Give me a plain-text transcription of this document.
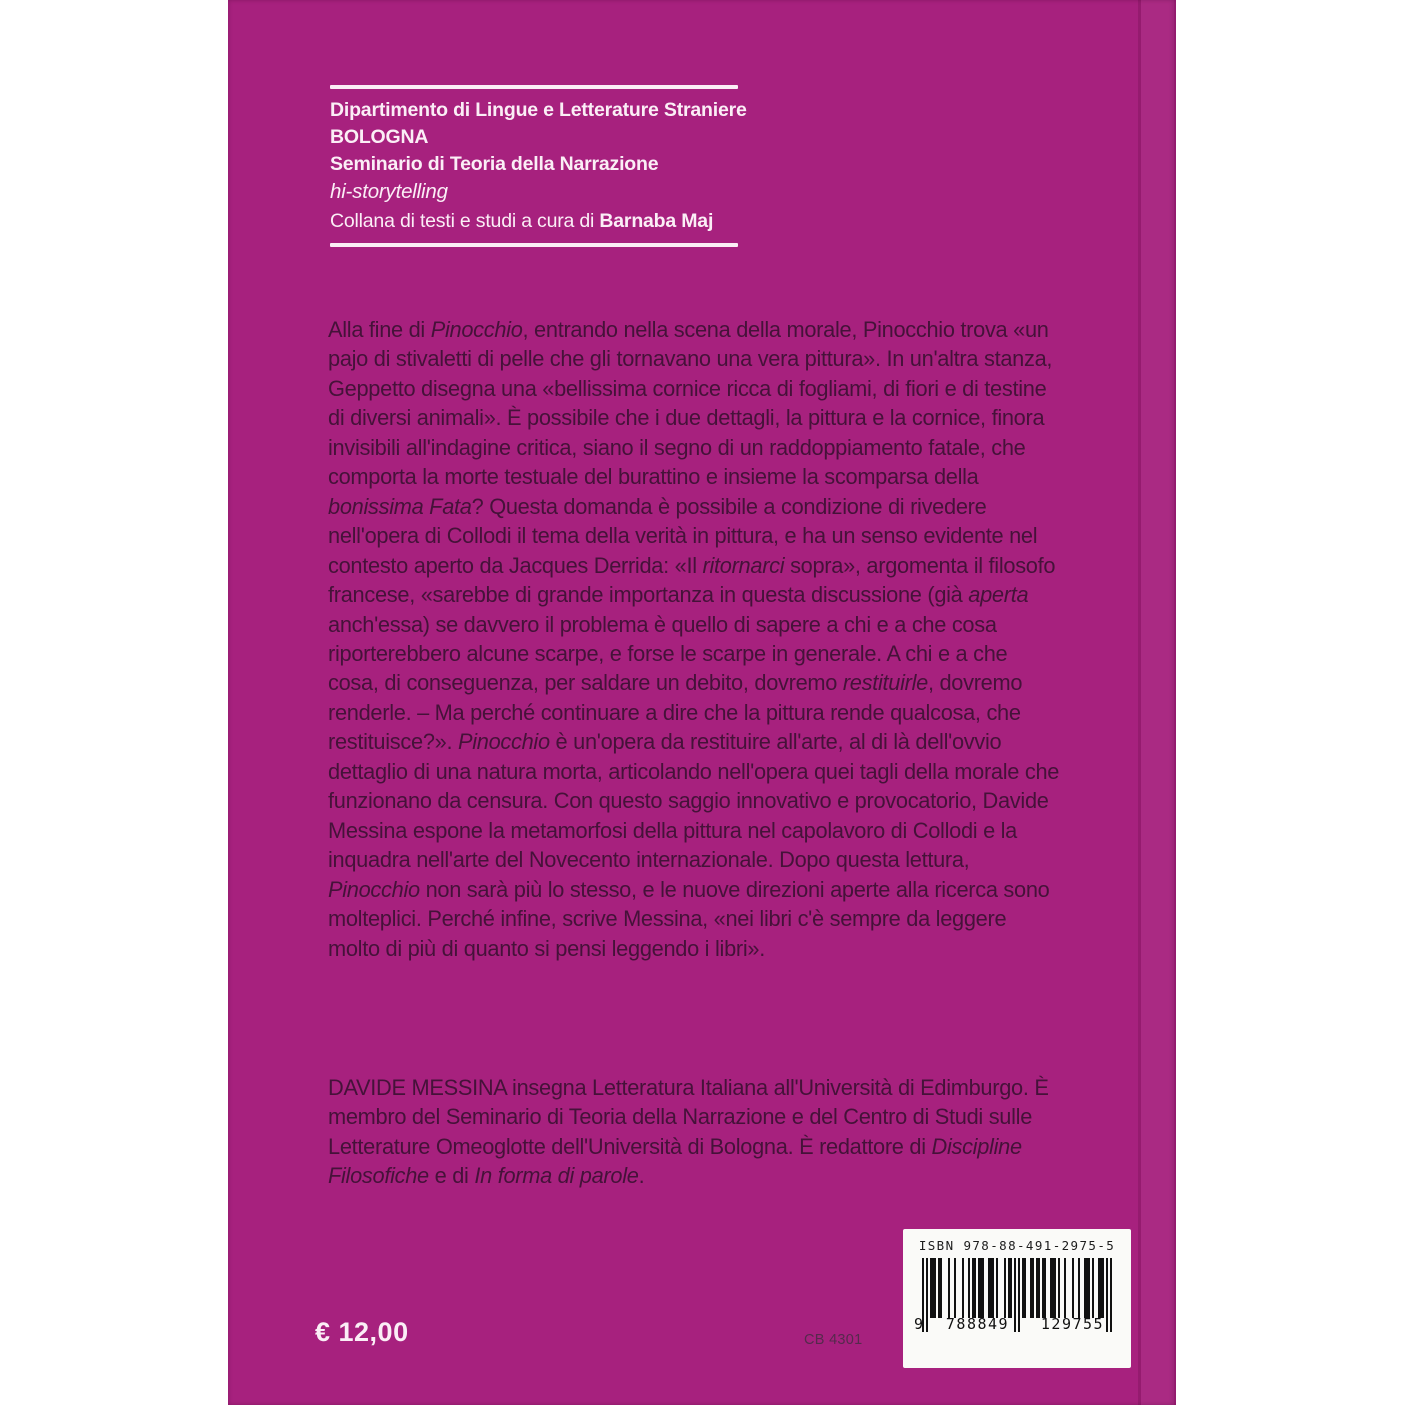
Dipartimento di Lingue e Letterature Straniere
BOLOGNA
Seminario di Teoria della Narrazione
hi-storytelling
Collana di testi e studi a cura di Barnaba Maj
Alla fine di Pinocchio, entrando nella scena della morale, Pinocchio trova «un pajo di stivaletti di pelle che gli tornavano una vera pittura». In un'altra stanza, Geppetto disegna una «bellissima cornice ricca di fogliami, di fiori e di testine di diversi animali». È possibile che i due dettagli, la pittura e la cornice, finora invisibili all'indagine critica, siano il segno di un raddoppiamento fatale, che comporta la morte testuale del burattino e insieme la scomparsa della bonissima Fata? Questa domanda è possibile a condizione di rivedere nell'opera di Collodi il tema della verità in pittura, e ha un senso evidente nel contesto aperto da Jacques Derrida: «Il ritornarci sopra», argomenta il filosofo francese, «sarebbe di grande importanza in questa discussione (già aperta anch'essa) se davvero il problema è quello di sapere a chi e a che cosa riporterebbero alcune scarpe, e forse le scarpe in generale. A chi e a che cosa, di conseguenza, per saldare un debito, dovremo restituirle, dovremo renderle. – Ma perché continuare a dire che la pittura rende qualcosa, che restituisce?». Pinocchio è un'opera da restituire all'arte, al di là dell'ovvio dettaglio di una natura morta, articolando nell'opera quei tagli della morale che funzionano da censura. Con questo saggio innovativo e provocatorio, Davide Messina espone la metamorfosi della pittura nel capolavoro di Collodi e la inquadra nell'arte del Novecento internazionale. Dopo questa lettura, Pinocchio non sarà più lo stesso, e le nuove direzioni aperte alla ricerca sono molteplici. Perché infine, scrive Messina, «nei libri c'è sempre da leggere molto di più di quanto si pensi leggendo i libri».
DAVIDE MESSINA insegna Letteratura Italiana all'Università di Edimburgo. È membro del Seminario di Teoria della Narrazione e del Centro di Studi sulle Letterature Omeoglotte dell'Università di Bologna. È redattore di Discipline Filosofiche e di In forma di parole.
€ 12,00	CB 4301
ISBN 978-88-491-2975-5
9	788849	129755
